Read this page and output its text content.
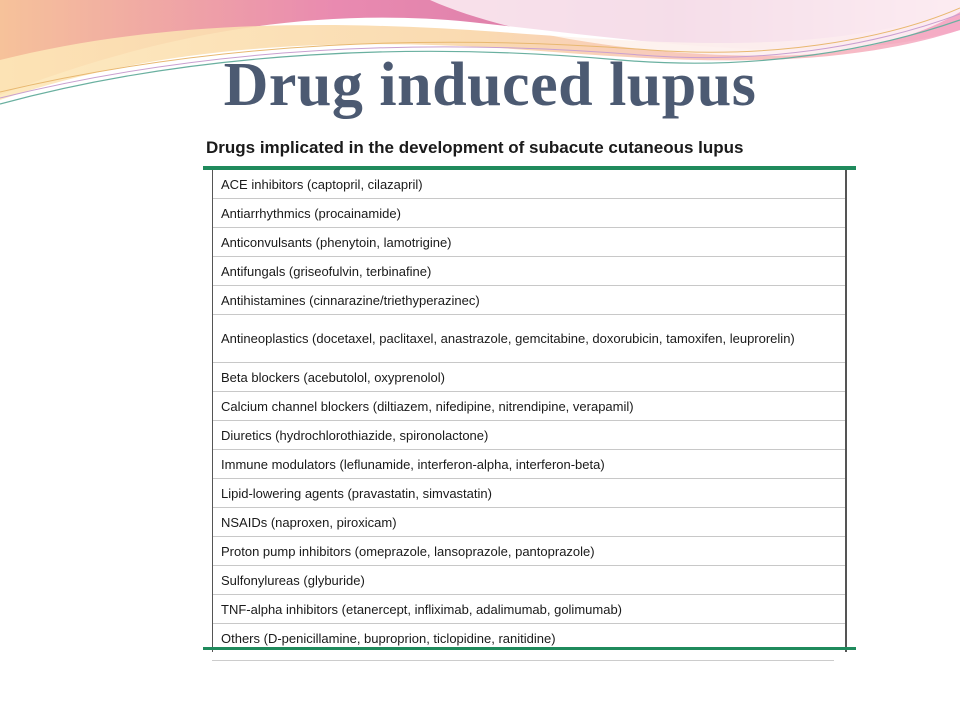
Drug induced lupus
Drugs implicated in the development of subacute cutaneous lupus
ACE inhibitors (captopril, cilazapril)
Antiarrhythmics (procainamide)
Anticonvulsants (phenytoin, lamotrigine)
Antifungals (griseofulvin, terbinafine)
Antihistamines (cinnarazine/triethyperazinec)
Antineoplastics (docetaxel, paclitaxel, anastrazole, gemcitabine, doxorubicin, tamoxifen, leuprorelin)
Beta blockers (acebutolol, oxyprenolol)
Calcium channel blockers (diltiazem, nifedipine, nitrendipine, verapamil)
Diuretics (hydrochlorothiazide, spironolactone)
Immune modulators (leflunamide, interferon-alpha, interferon-beta)
Lipid-lowering agents (pravastatin, simvastatin)
NSAIDs (naproxen, piroxicam)
Proton pump inhibitors (omeprazole, lansoprazole, pantoprazole)
Sulfonylureas (glyburide)
TNF-alpha inhibitors (etanercept, infliximab, adalimumab, golimumab)
Others (D-penicillamine, buproprion, ticlopidine, ranitidine)
